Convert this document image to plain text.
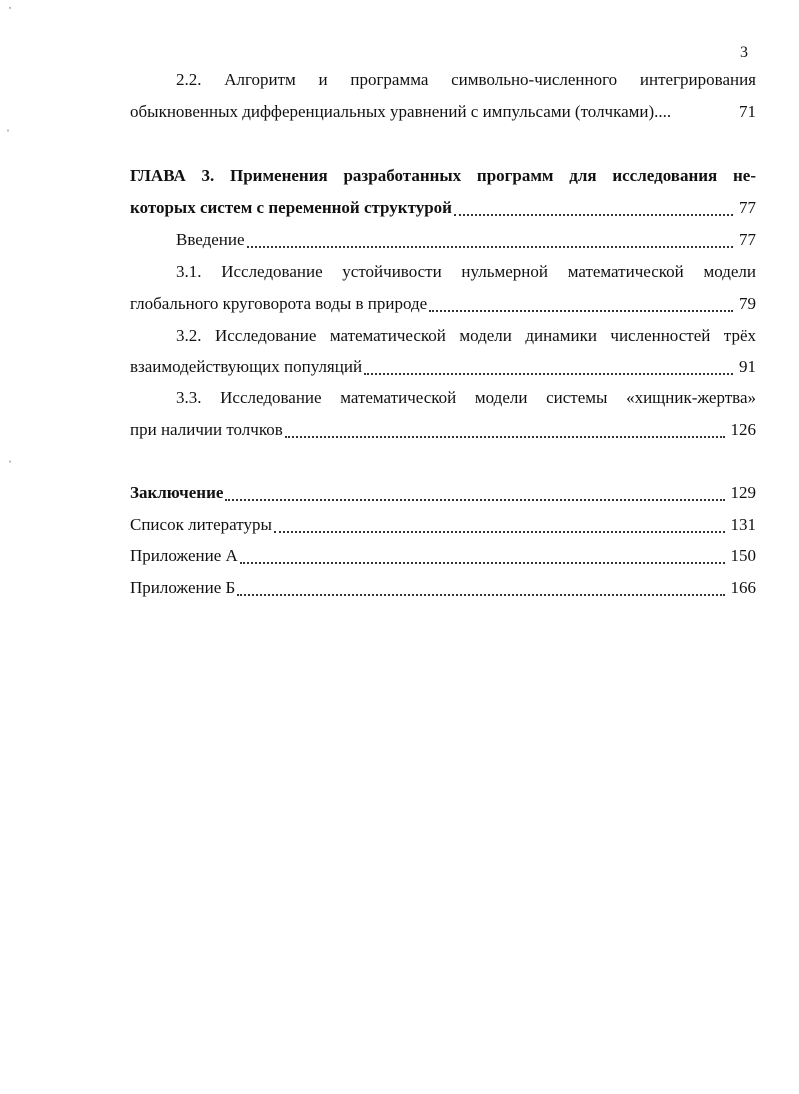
˙
ˌ
ˈ
3
2.2. Алгоритм и программа символьно-численного интегрирования
обыкновенных дифференциальных уравнений с импульсами (толчками)....	71
ГЛАВА 3. Применения разработанных программ для исследования не-
которых систем с переменной структурой	77
Введение	77
3.1. Исследование устойчивости нульмерной математической модели
глобального круговорота воды в природе	79
3.2. Исследование математической модели динамики численностей трёх
взаимодействующих популяций	91
3.3. Исследование математической модели системы «хищник-жертва»
при наличии толчков	126
Заключение	129
Список литературы	131
Приложение А	150
Приложение Б	166
